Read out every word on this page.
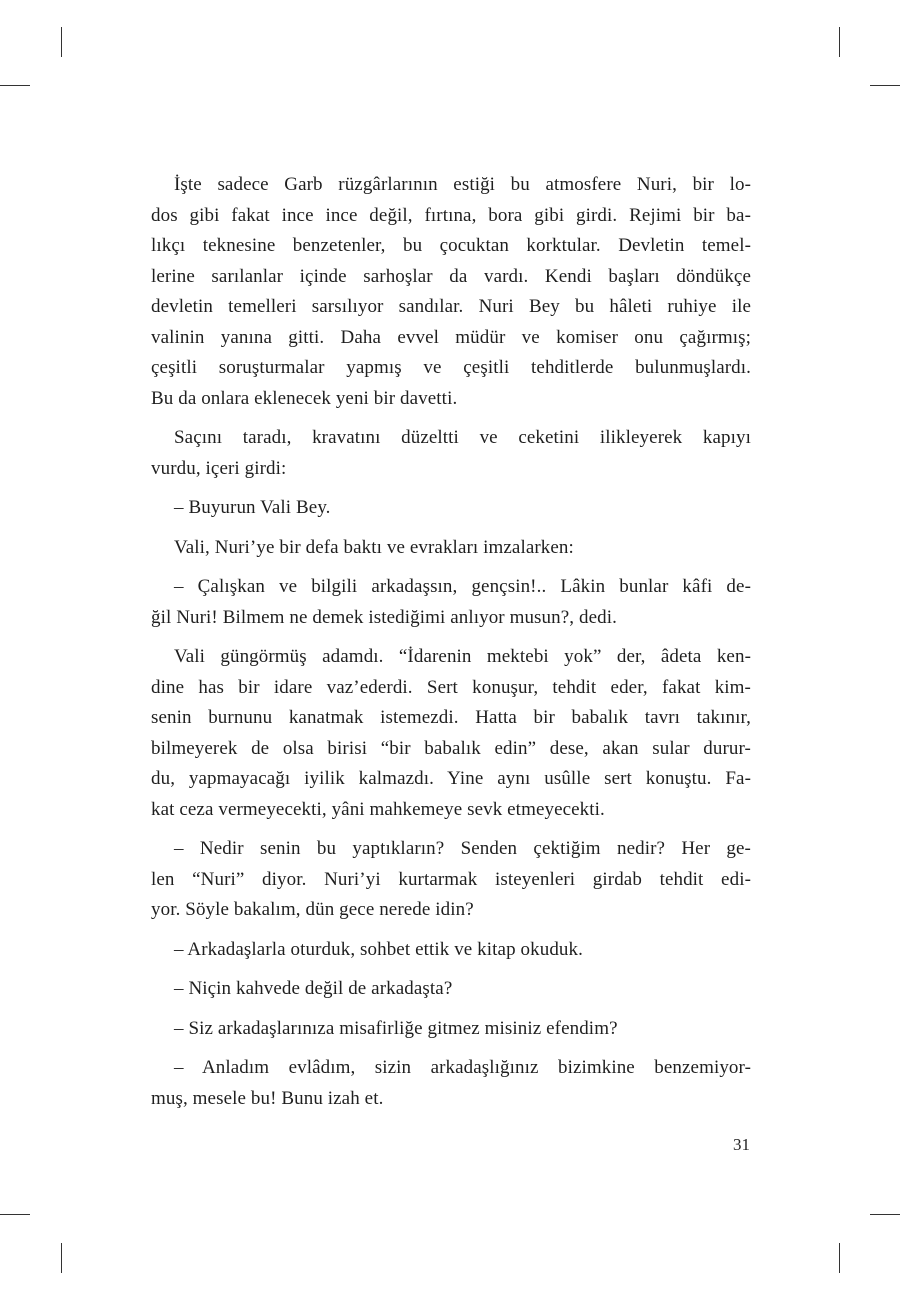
İşte sadece Garb rüzgârlarının estiği bu atmosfere Nuri, bir lo-
dos gibi fakat ince ince değil, fırtına, bora gibi girdi. Rejimi bir ba-
lıkçı teknesine benzetenler, bu çocuktan korktular. Devletin temel-
lerine sarılanlar içinde sarhoşlar da vardı. Kendi başları döndükçe
devletin temelleri sarsılıyor sandılar. Nuri Bey bu hâleti ruhiye ile
valinin yanına gitti. Daha evvel müdür ve komiser onu çağırmış;
çeşitli soruşturmalar yapmış ve çeşitli tehditlerde bulunmuşlardı.
Bu da onlara eklenecek yeni bir davetti.
Saçını taradı, kravatını düzeltti ve ceketini ilikleyerek kapıyı
vurdu, içeri girdi:
– Buyurun Vali Bey.
Vali, Nuri’ye bir defa baktı ve evrakları imzalarken:
– Çalışkan ve bilgili arkadaşsın, gençsin!.. Lâkin bunlar kâfi de-
ğil Nuri! Bilmem ne demek istediğimi anlıyor musun?, dedi.
Vali güngörmüş adamdı. “İdarenin mektebi yok” der, âdeta ken-
dine has bir idare vaz’ederdi. Sert konuşur, tehdit eder, fakat kim-
senin burnunu kanatmak istemezdi. Hatta bir babalık tavrı takınır,
bilmeyerek de olsa birisi “bir babalık edin” dese, akan sular durur-
du, yapmayacağı iyilik kalmazdı. Yine aynı usûlle sert konuştu. Fa-
kat ceza vermeyecekti, yâni mahkemeye sevk etmeyecekti.
– Nedir senin bu yaptıkların? Senden çektiğim nedir? Her ge-
len “Nuri” diyor. Nuri’yi kurtarmak isteyenleri girdab tehdit edi-
yor. Söyle bakalım, dün gece nerede idin?
– Arkadaşlarla oturduk, sohbet ettik ve kitap okuduk.
– Niçin kahvede değil de arkadaşta?
– Siz arkadaşlarınıza misafirliğe gitmez misiniz efendim?
– Anladım evlâdım, sizin arkadaşlığınız bizimkine benzemiyor-
muş, mesele bu! Bunu izah et.
31
